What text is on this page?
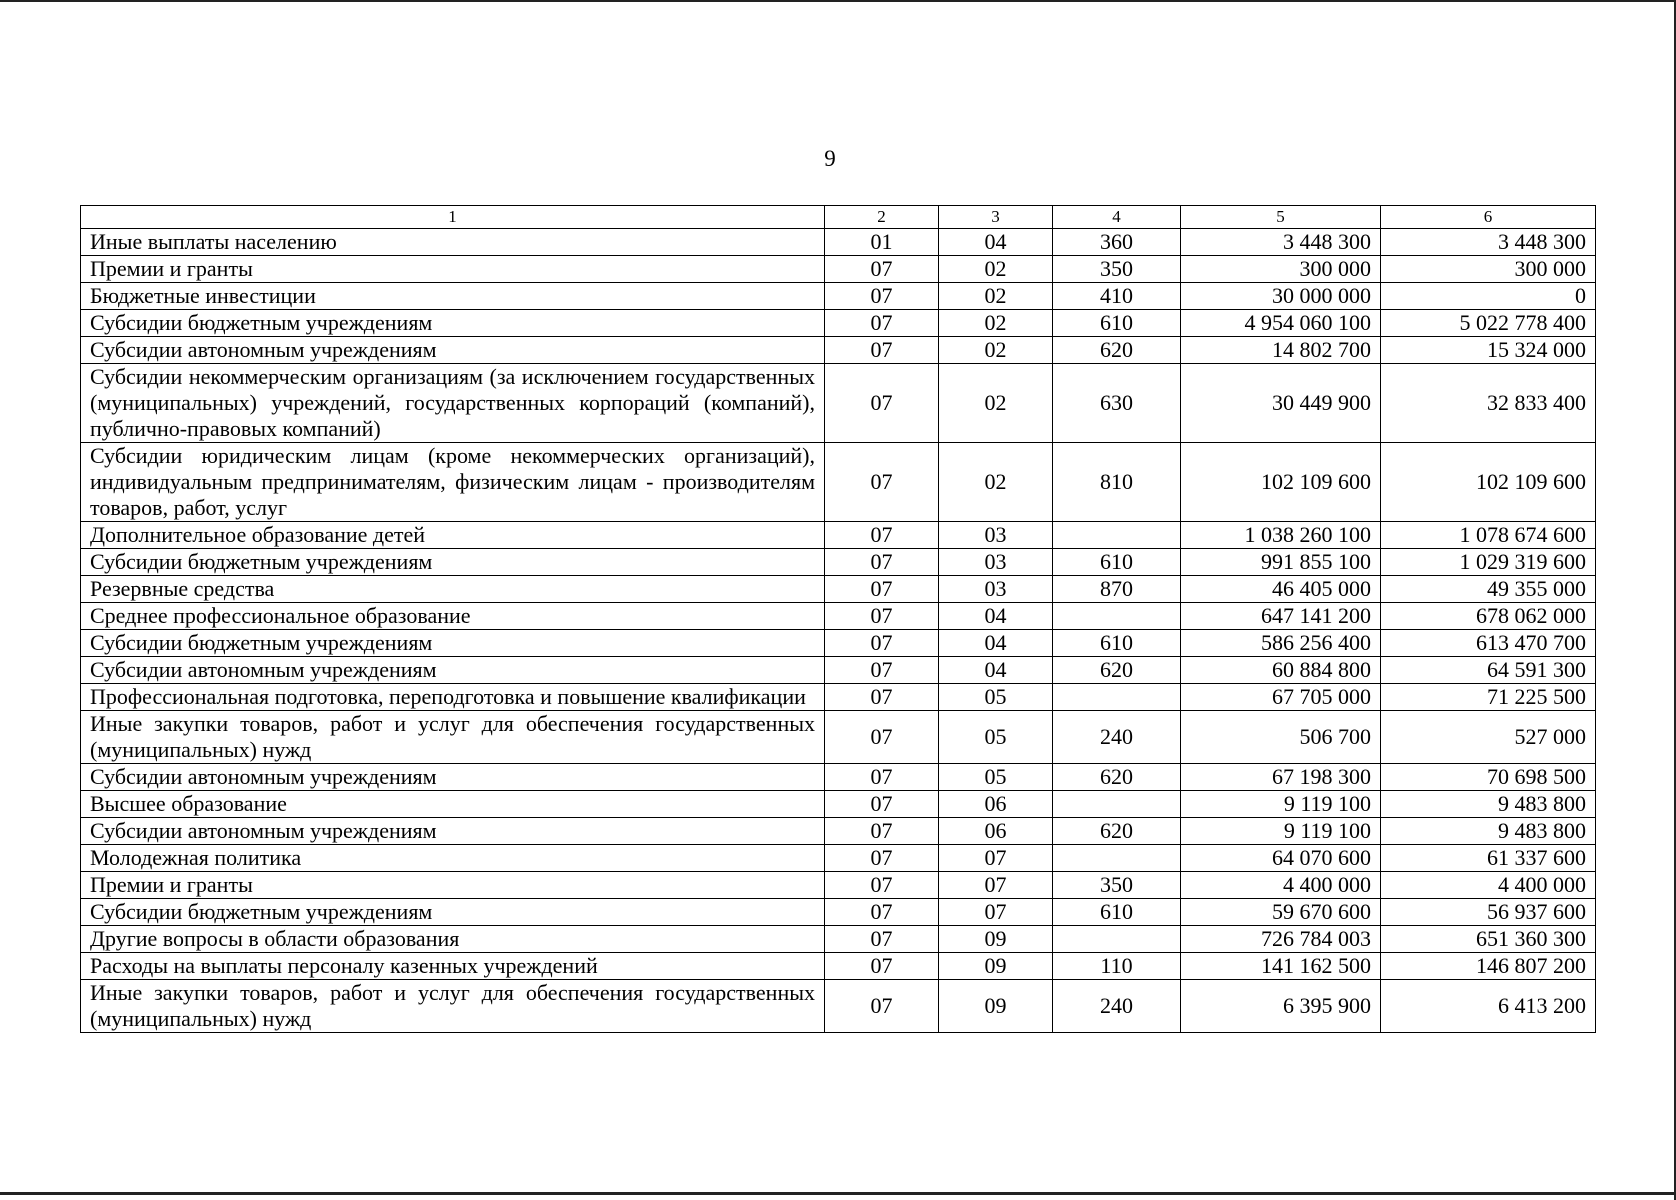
9
1	2	3	4	5	6
Иные выплаты населению	01	04	360	3 448 300	3 448 300
Премии и гранты	07	02	350	300 000	300 000
Бюджетные инвестиции	07	02	410	30 000 000	0
Субсидии бюджетным учреждениям	07	02	610	4 954 060 100	5 022 778 400
Субсидии автономным учреждениям	07	02	620	14 802 700	15 324 000
Субсидии некоммерческим организациям (за исключением государственных (муниципальных) учреждений, государственных корпораций (компаний), публично-правовых компаний)	07	02	630	30 449 900	32 833 400
Субсидии юридическим лицам (кроме некоммерческих организаций), индивидуальным предпринимателям, физическим лицам - производителям товаров, работ, услуг	07	02	810	102 109 600	102 109 600
Дополнительное образование детей	07	03		1 038 260 100	1 078 674 600
Субсидии бюджетным учреждениям	07	03	610	991 855 100	1 029 319 600
Резервные средства	07	03	870	46 405 000	49 355 000
Среднее профессиональное образование	07	04		647 141 200	678 062 000
Субсидии бюджетным учреждениям	07	04	610	586 256 400	613 470 700
Субсидии автономным учреждениям	07	04	620	60 884 800	64 591 300
Профессиональная подготовка, переподготовка и повышение квалификации	07	05		67 705 000	71 225 500
Иные закупки товаров, работ и услуг для обеспечения государственных (муниципальных) нужд	07	05	240	506 700	527 000
Субсидии автономным учреждениям	07	05	620	67 198 300	70 698 500
Высшее образование	07	06		9 119 100	9 483 800
Субсидии автономным учреждениям	07	06	620	9 119 100	9 483 800
Молодежная политика	07	07		64 070 600	61 337 600
Премии и гранты	07	07	350	4 400 000	4 400 000
Субсидии бюджетным учреждениям	07	07	610	59 670 600	56 937 600
Другие вопросы в области образования	07	09		726 784 003	651 360 300
Расходы на выплаты персоналу казенных учреждений	07	09	110	141 162 500	146 807 200
Иные закупки товаров, работ и услуг для обеспечения государственных (муниципальных) нужд	07	09	240	6 395 900	6 413 200
